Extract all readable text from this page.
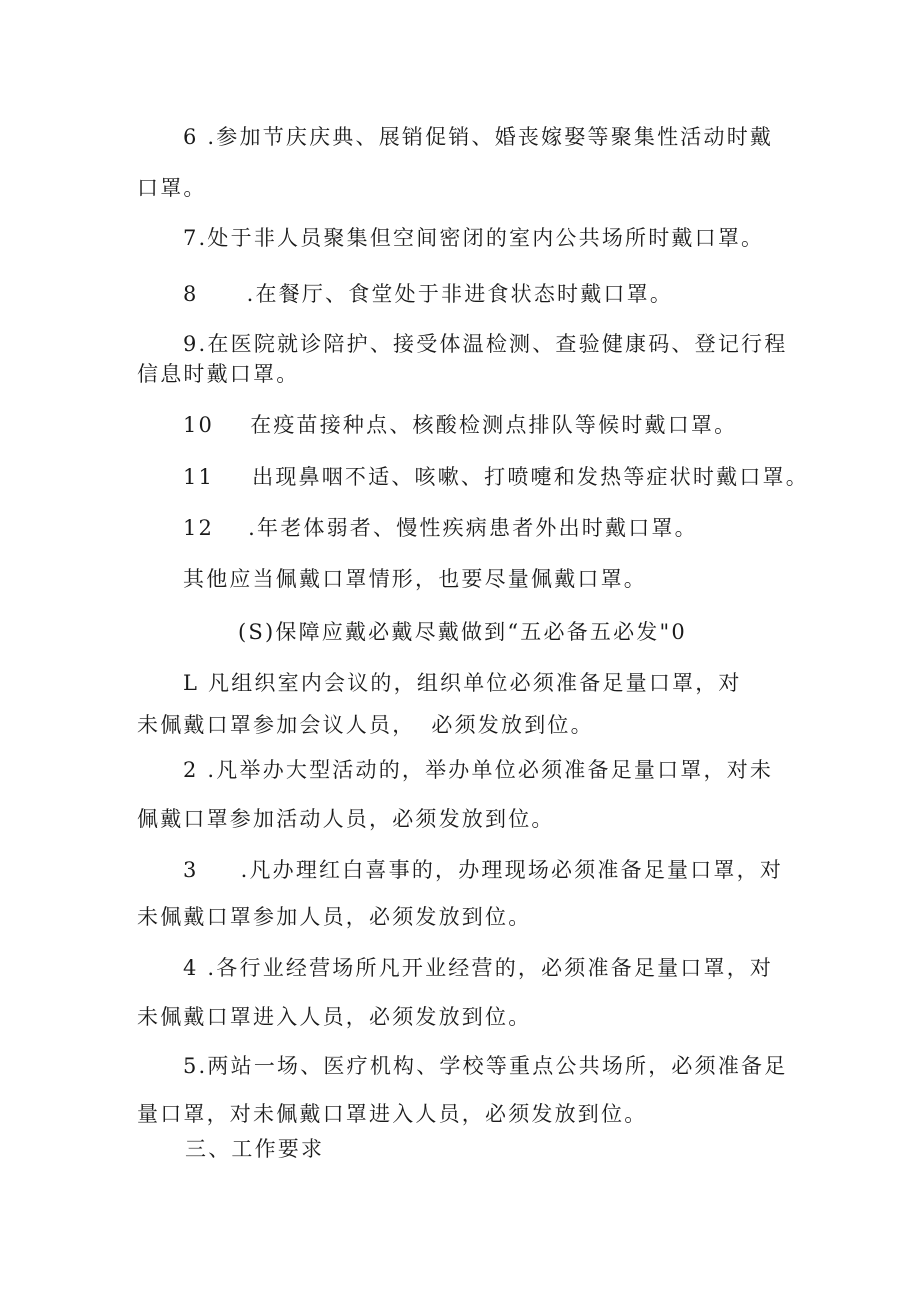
6 .参加节庆庆典、展销促销、婚丧嫁娶等聚集性活动时戴
口罩。
7.处于非人员聚集但空间密闭的室内公共场所时戴口罩。
8 .在餐厅、食堂处于非进食状态时戴口罩。
9.在医院就诊陪护、接受体温检测、查验健康码、登记行程
信息时戴口罩。
10 在疫苗接种点、核酸检测点排队等候时戴口罩。
11 出现鼻咽不适、咳嗽、打喷嚏和发热等症状时戴口罩。
12 .年老体弱者、慢性疾病患者外出时戴口罩。
其他应当佩戴口罩情形，也要尽量佩戴口罩。
(S)保障应戴必戴尽戴做到“五必备五必发"0
L 凡组织室内会议的，组织单位必须准备足量口罩，对
未佩戴口罩参加会议人员， 必须发放到位。
2 .凡举办大型活动的，举办单位必须准备足量口罩，对未
佩戴口罩参加活动人员，必须发放到位。
3 .凡办理红白喜事的，办理现场必须准备足量口罩，对
未佩戴口罩参加人员，必须发放到位。
4 .各行业经营场所凡开业经营的，必须准备足量口罩，对
未佩戴口罩进入人员，必须发放到位。
5.两站一场、医疗机构、学校等重点公共场所，必须准备足
量口罩，对未佩戴口罩进入人员，必须发放到位。
三、工作要求
